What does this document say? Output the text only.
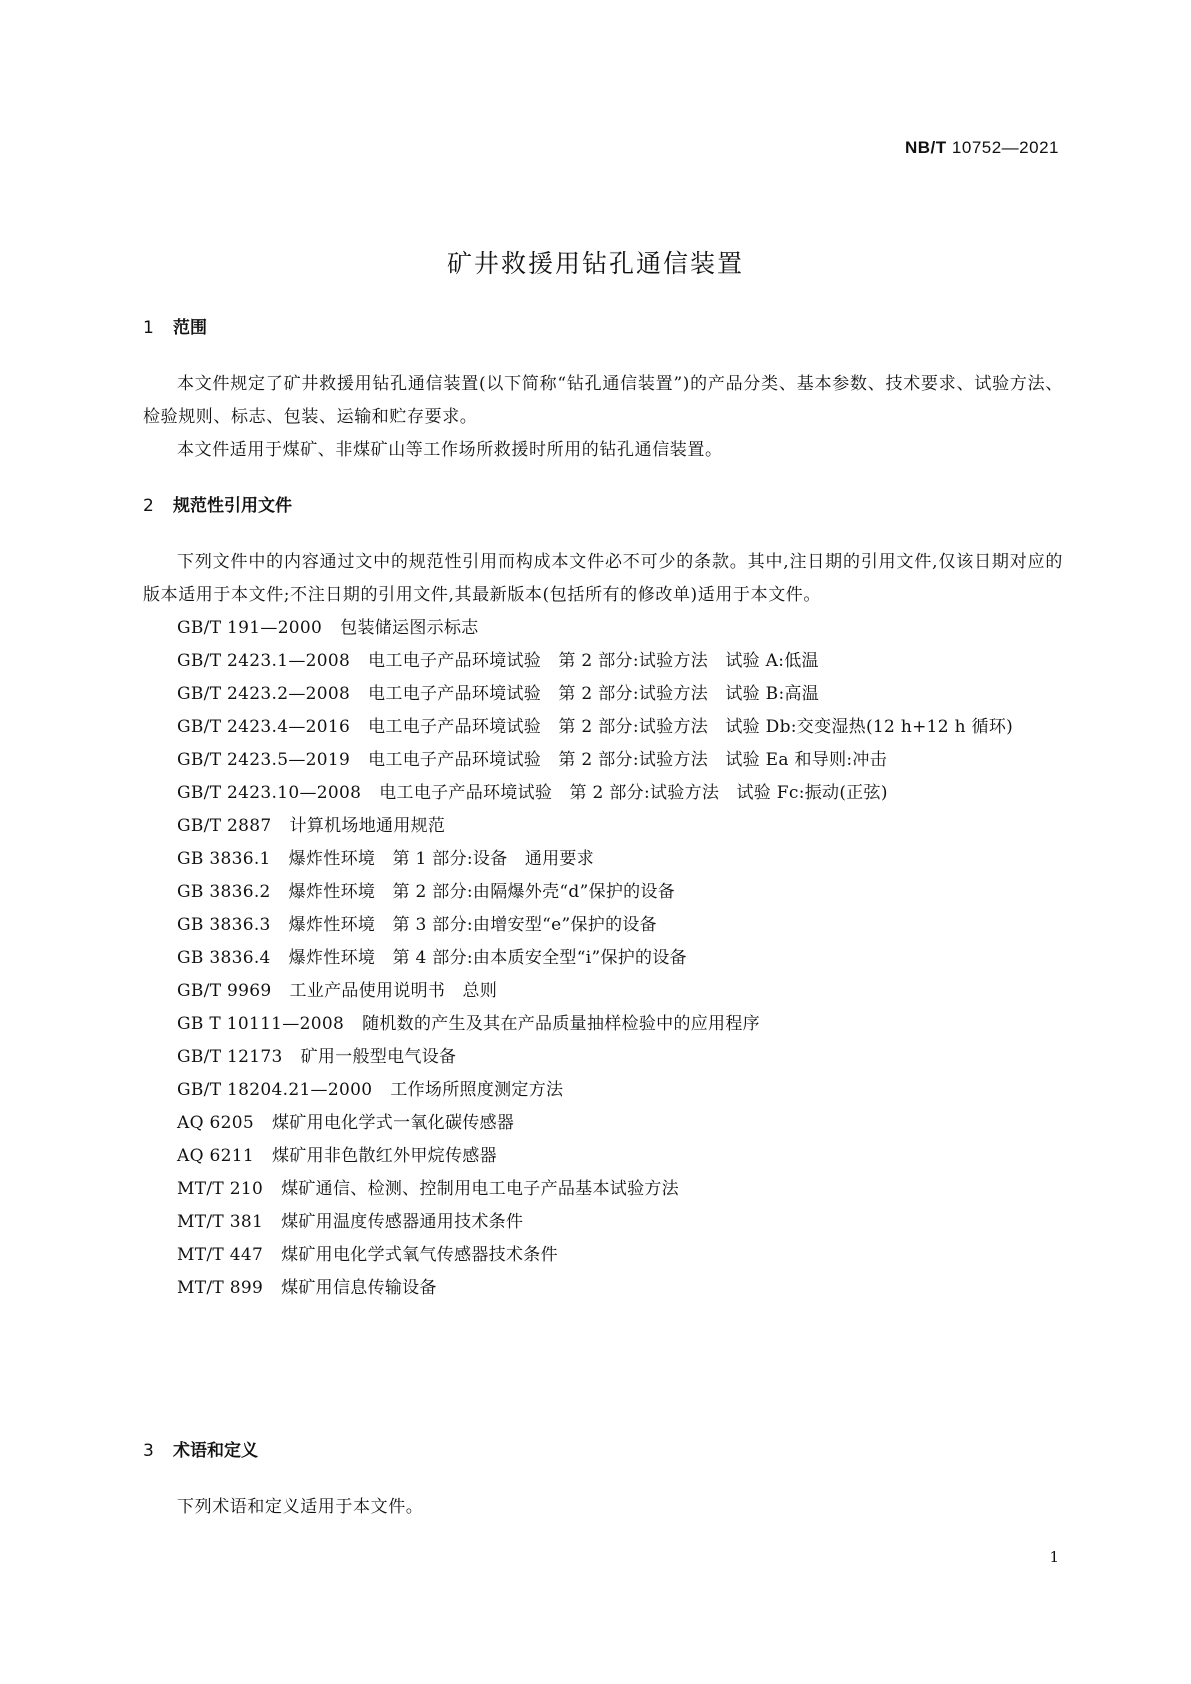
NB/T 10752—2021
矿井救援用钻孔通信装置
1 范围
本文件规定了矿井救援用钻孔通信装置(以下简称“钻孔通信装置”)的产品分类、基本参数、技术要求、试验方法、检验规则、标志、包装、运输和贮存要求。
本文件适用于煤矿、非煤矿山等工作场所救援时所用的钻孔通信装置。
2 规范性引用文件
下列文件中的内容通过文中的规范性引用而构成本文件必不可少的条款。其中,注日期的引用文件,仅该日期对应的版本适用于本文件;不注日期的引用文件,其最新版本(包括所有的修改单)适用于本文件。
GB/T 191—2000 包装储运图示标志
GB/T 2423.1—2008 电工电子产品环境试验　第 2 部分:试验方法　试验 A:低温
GB/T 2423.2—2008 电工电子产品环境试验　第 2 部分:试验方法　试验 B:高温
GB/T 2423.4—2016 电工电子产品环境试验　第 2 部分:试验方法　试验 Db:交变湿热(12 h+12 h 循环)
GB/T 2423.5—2019 电工电子产品环境试验　第 2 部分:试验方法　试验 Ea 和导则:冲击
GB/T 2423.10—2008 电工电子产品环境试验　第 2 部分:试验方法　试验 Fc:振动(正弦)
GB/T 2887 计算机场地通用规范
GB 3836.1 爆炸性环境　第 1 部分:设备　通用要求
GB 3836.2 爆炸性环境　第 2 部分:由隔爆外壳“d”保护的设备
GB 3836.3 爆炸性环境　第 3 部分:由增安型“e”保护的设备
GB 3836.4 爆炸性环境　第 4 部分:由本质安全型“i”保护的设备
GB/T 9969 工业产品使用说明书　总则
GB T 10111—2008 随机数的产生及其在产品质量抽样检验中的应用程序
GB/T 12173 矿用一般型电气设备
GB/T 18204.21—2000 工作场所照度测定方法
AQ 6205 煤矿用电化学式一氧化碳传感器
AQ 6211 煤矿用非色散红外甲烷传感器
MT/T 210 煤矿通信、检测、控制用电工电子产品基本试验方法
MT/T 381 煤矿用温度传感器通用技术条件
MT/T 447 煤矿用电化学式氧气传感器技术条件
MT/T 899 煤矿用信息传输设备
3 术语和定义
下列术语和定义适用于本文件。
1
